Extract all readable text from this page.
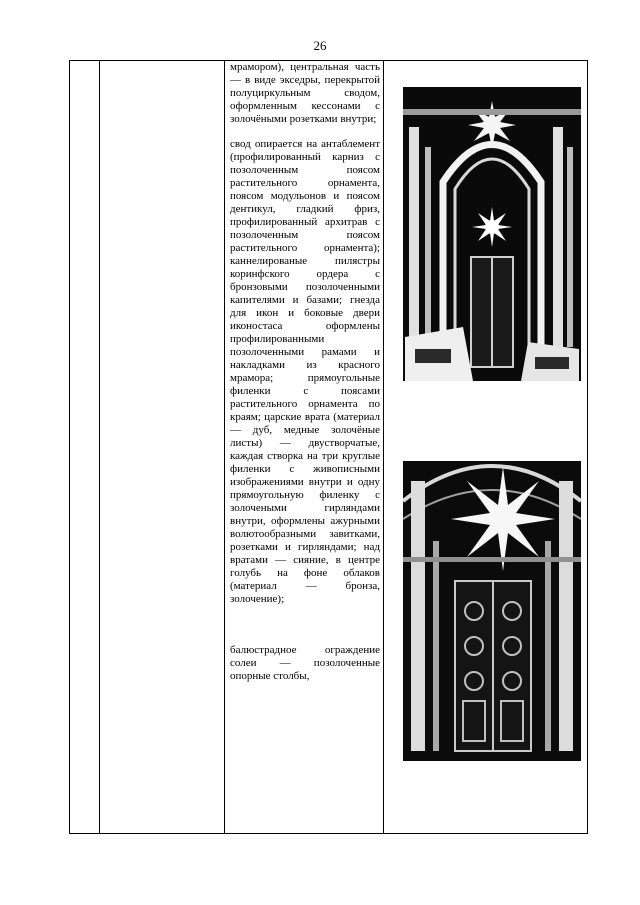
26

мрамором), центральная часть — в виде экседры, перекрытой полуциркульным сводом, оформленным кессонами с золочёными розетками внутри;

свод опирается на антаблемент (профилированный карниз с позолоченным поясом растительного орнамента, поясом модульонов и поясом дентикул, гладкий фриз, профилированный архитрав с позолоченным поясом растительного орнамента); каннелированые пилястры коринфского ордера с бронзовыми позолоченными капителями и базами; гнезда для икон и боковые двери иконостаса оформлены профилированными позолоченными рамами и накладками из красного мрамора; прямоугольные филенки с поясами растительного орнамента по краям; царские врата (материал — дуб, медные золочёные листы) — двустворчатые, каждая створка на три круглые филенки с живописными изображениями внутри и одну прямоугольную филенку с золочеными гирляндами внутри, оформлены ажурными волютообразными завитками, розетками и гирляндами; над вратами — сияние, в центре голубь на фоне облаков (материал — бронза, золочение);

балюстрадное ограждение солеи — позолоченные опорные столбы,
